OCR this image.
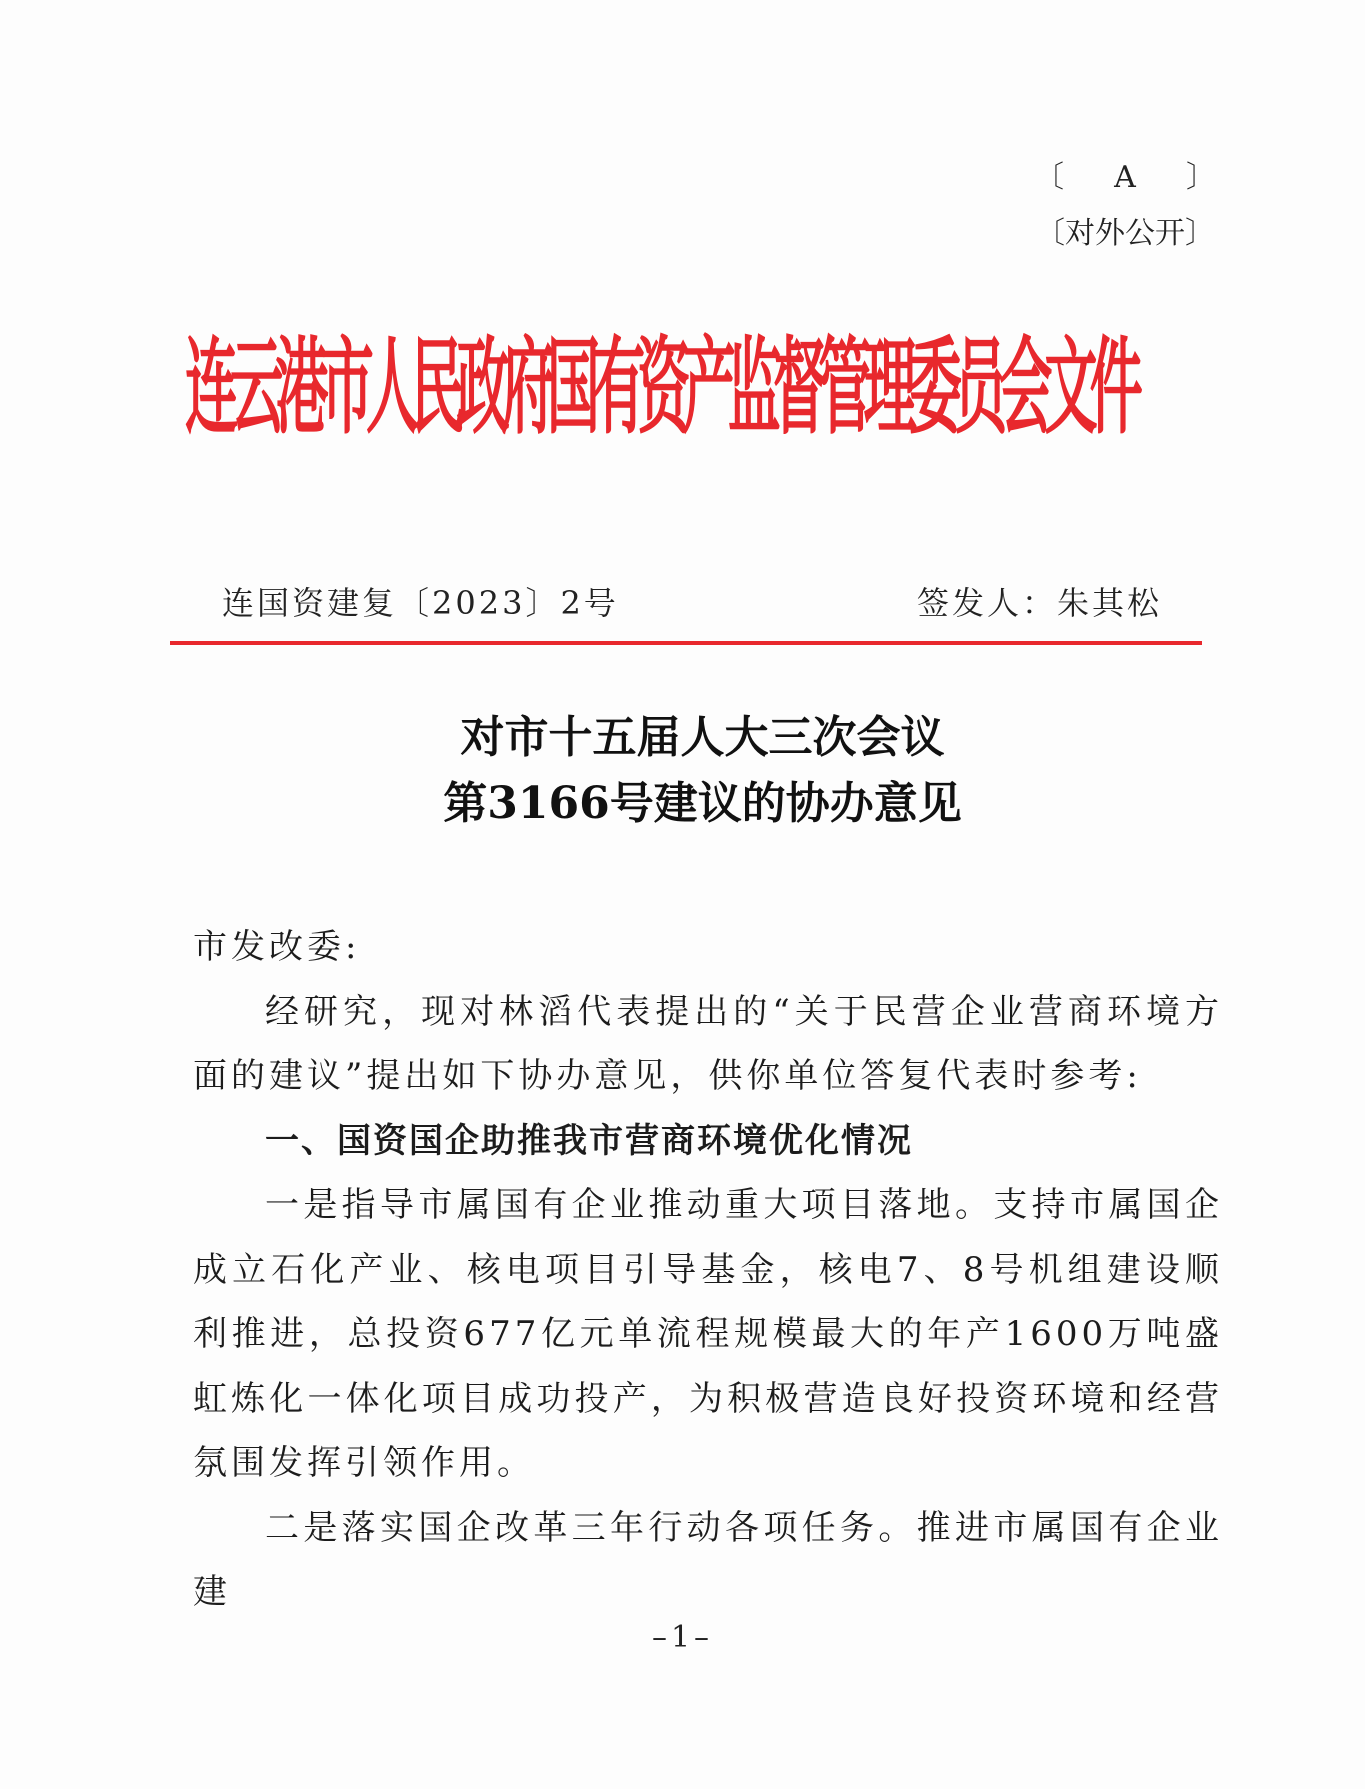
〔 A 〕
〔对外公开〕
连云港市人民政府国有资产监督管理委员会文件
连国资建复〔2023〕2号	签发人：朱其松
对市十五届人大三次会议
第3166号建议的协办意见

市发改委:

经研究，现对林滔代表提出的“关于民营企业营商环境方面的建议”提出如下协办意见，供你单位答复代表时参考:

一、国资国企助推我市营商环境优化情况

一是指导市属国有企业推动重大项目落地。支持市属国企成立石化产业、核电项目引导基金，核电7、8号机组建设顺利推进，总投资677亿元单流程规模最大的年产1600万吨盛虹炼化一体化项目成功投产，为积极营造良好投资环境和经营氛围发挥引领作用。

二是落实国企改革三年行动各项任务。推进市属国有企业建

–1–
